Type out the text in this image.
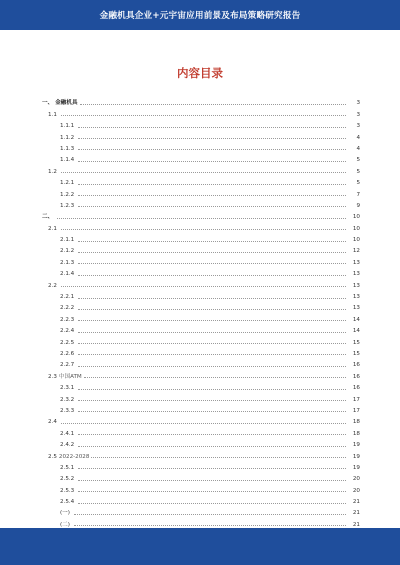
金融机具企业+元宇宙应用前景及布局策略研究报告
内容目录
一、 金融机具	3
1.1	3
1.1.1	3
1.1.2	4
1.1.3	4
1.1.4	5
1.2	5
1.2.1	5
1.2.2	7
1.2.3	9
二、	10
2.1	10
2.1.1	10
2.1.2	12
2.1.3	13
2.1.4	13
2.2	13
2.2.1	13
2.2.2	13
2.2.3	14
2.2.4	14
2.2.5	15
2.2.6	15
2.2.7	16
2.3 中国ATM	16
2.3.1	16
2.3.2	17
2.3.3	17
2.4	18
2.4.1	18
2.4.2	19
2.5 2022-2028	19
2.5.1	19
2.5.2	20
2.5.3	20
2.5.4	21
(一)	21
(二)	21
